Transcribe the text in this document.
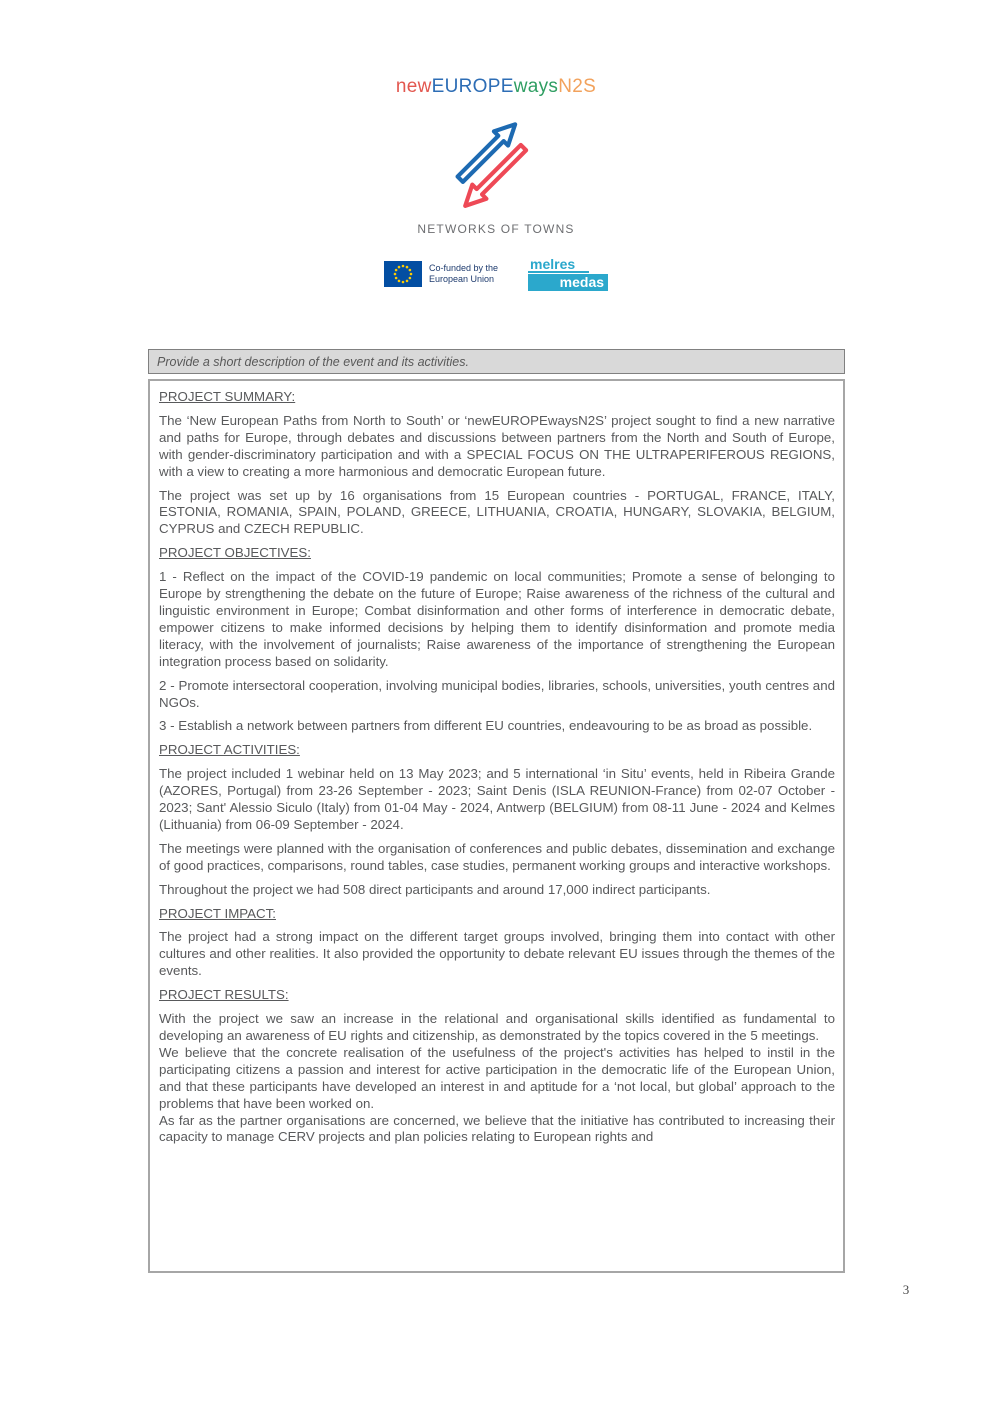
newEUROPEwaysN2S
NETWORKS OF TOWNS
Co-funded by the
European Union
melres
medas
Provide a short description of the event and its activities.
PROJECT SUMMARY:

The ‘New European Paths from North to South’ or ‘newEUROPEwaysN2S’ project sought to find a new narrative and paths for Europe, through debates and discussions between partners from the North and South of Europe, with gender-discriminatory participation and with a SPECIAL FOCUS ON THE ULTRAPERIFEROUS REGIONS, with a view to creating a more harmonious and democratic European future.

The project was set up by 16 organisations from 15 European countries - PORTUGAL, FRANCE, ITALY, ESTONIA, ROMANIA, SPAIN, POLAND, GREECE, LITHUANIA, CROATIA, HUNGARY, SLOVAKIA, BELGIUM, CYPRUS and CZECH REPUBLIC.

PROJECT OBJECTIVES:

1 - Reflect on the impact of the COVID-19 pandemic on local communities; Promote a sense of belonging to Europe by strengthening the debate on the future of Europe; Raise awareness of the richness of the cultural and linguistic environment in Europe; Combat disinformation and other forms of interference in democratic debate, empower citizens to make informed decisions by helping them to identify disinformation and promote media literacy, with the involvement of journalists; Raise awareness of the importance of strengthening the European integration process based on solidarity.

2 - Promote intersectoral cooperation, involving municipal bodies, libraries, schools, universities, youth centres and NGOs.

3 - Establish a network between partners from different EU countries, endeavouring to be as broad as possible.

PROJECT ACTIVITIES:

The project included 1 webinar held on 13 May 2023; and 5 international ‘in Situ’ events, held in Ribeira Grande (AZORES, Portugal) from 23-26 September - 2023; Saint Denis (ISLA REUNION-France) from 02-07 October - 2023; Sant' Alessio Siculo (Italy) from 01-04 May - 2024, Antwerp (BELGIUM) from 08-11 June - 2024 and Kelmes (Lithuania) from 06-09 September - 2024.

The meetings were planned with the organisation of conferences and public debates, dissemination and exchange of good practices, comparisons, round tables, case studies, permanent working groups and interactive workshops.

Throughout the project we had 508 direct participants and around 17,000 indirect participants.

PROJECT IMPACT:

The project had a strong impact on the different target groups involved, bringing them into contact with other cultures and other realities. It also provided the opportunity to debate relevant EU issues through the themes of the events.

PROJECT RESULTS:

With the project we saw an increase in the relational and organisational skills identified as fundamental to developing an awareness of EU rights and citizenship, as demonstrated by the topics covered in the 5 meetings.

We believe that the concrete realisation of the usefulness of the project's activities has helped to instil in the participating citizens a passion and interest for active participation in the democratic life of the European Union, and that these participants have developed an interest in and aptitude for a ‘not local, but global’ approach to the problems that have been worked on.

As far as the partner organisations are concerned, we believe that the initiative has contributed to increasing their capacity to manage CERV projects and plan policies relating to European rights and

3
